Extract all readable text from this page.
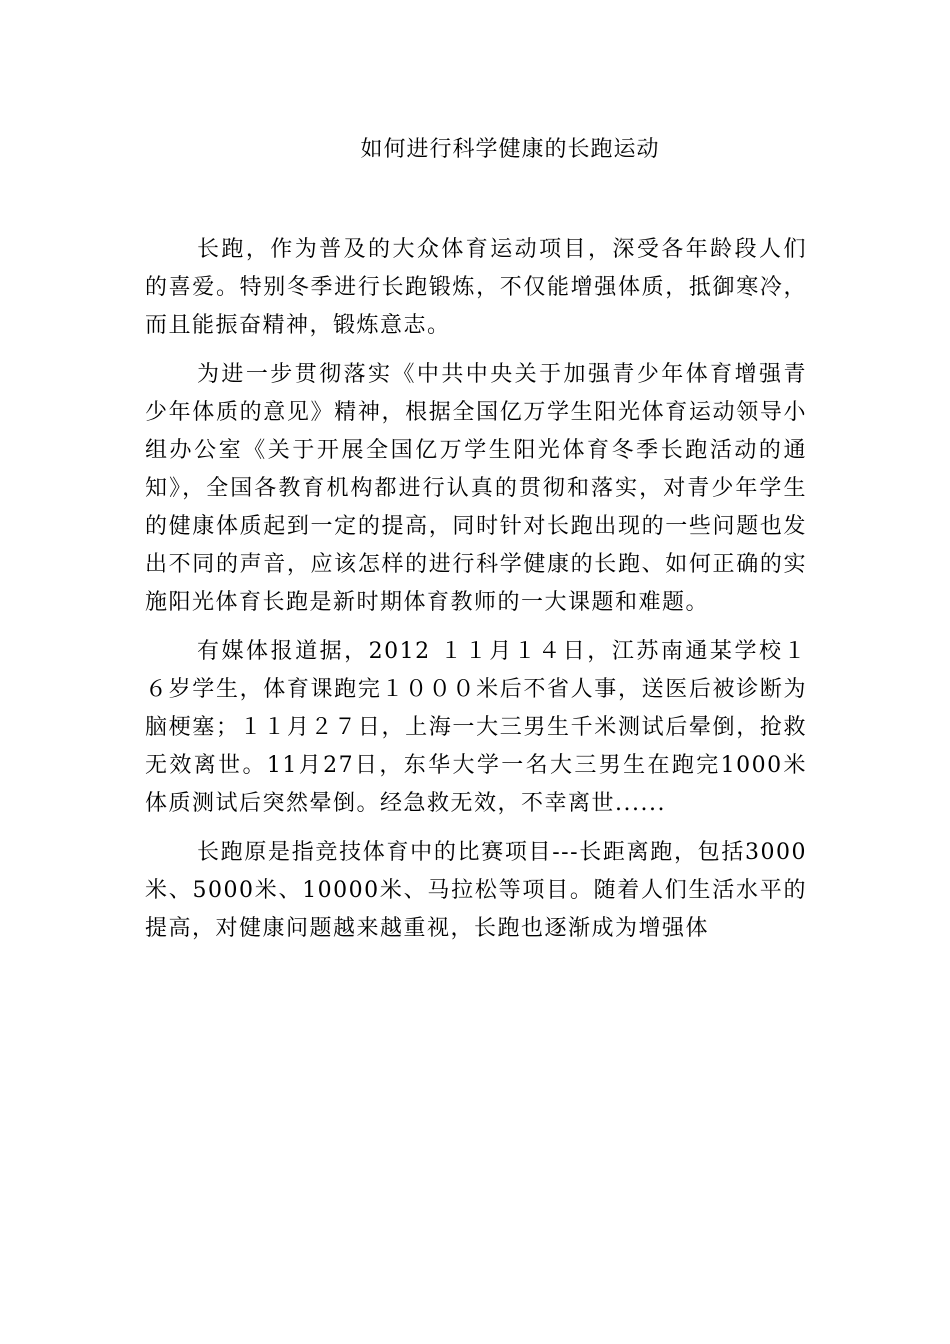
如何进行科学健康的长跑运动

长跑，作为普及的大众体育运动项目，深受各年龄段人们的喜爱。特别冬季进行长跑锻炼，不仅能增强体质，抵御寒冷，而且能振奋精神，锻炼意志。

为进一步贯彻落实《中共中央关于加强青少年体育增强青少年体质的意见》精神，根据全国亿万学生阳光体育运动领导小组办公室《关于开展全国亿万学生阳光体育冬季长跑活动的通知》，全国各教育机构都进行认真的贯彻和落实，对青少年学生的健康体质起到一定的提高，同时针对长跑出现的一些问题也发出不同的声音，应该怎样的进行科学健康的长跑、如何正确的实施阳光体育长跑是新时期体育教师的一大课题和难题。

有媒体报道据，2012 １１月１４日，江苏南通某学校１６岁学生，体育课跑完１０００米后不省人事，送医后被诊断为脑梗塞；１１月２７日，上海一大三男生千米测试后晕倒，抢救无效离世。11月27日，东华大学一名大三男生在跑完1000米体质测试后突然晕倒。经急救无效，不幸离世......

长跑原是指竞技体育中的比赛项目---长距离跑，包括3000米、5000米、10000米、马拉松等项目。随着人们生活水平的提高，对健康问题越来越重视，长跑也逐渐成为增强体
